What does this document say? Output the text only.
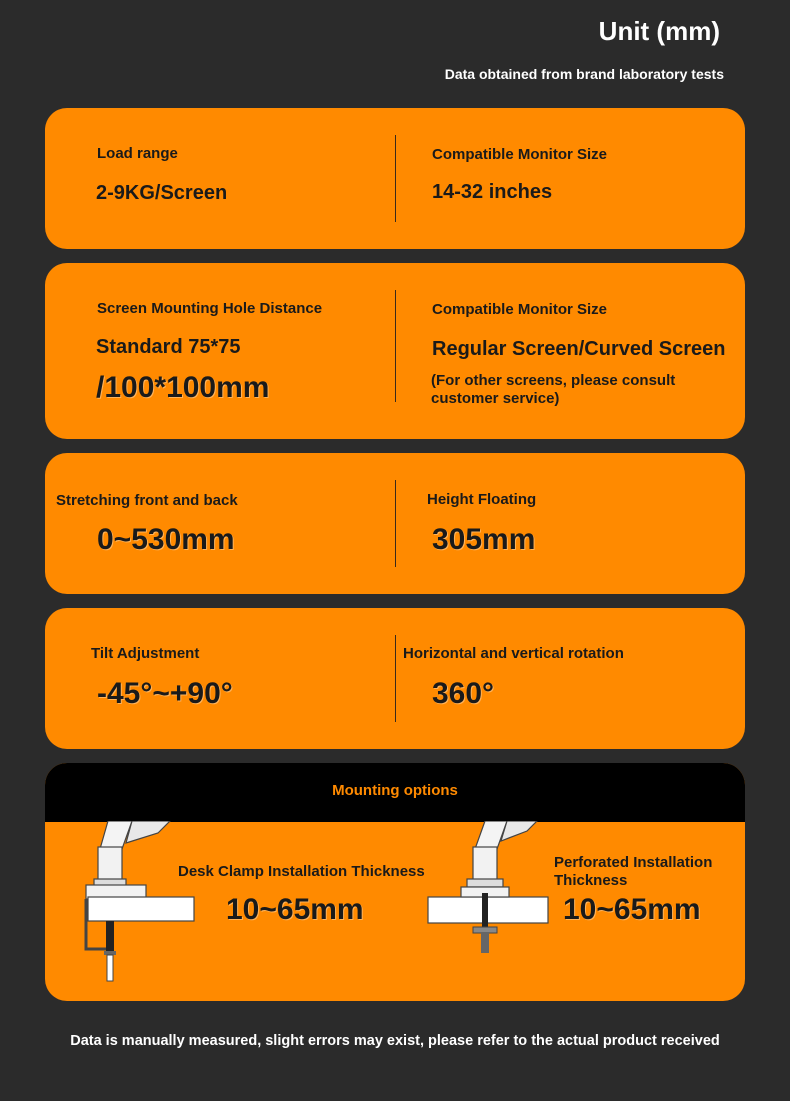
Unit (mm)
Data obtained from brand laboratory tests
Load range
2-9KG/Screen
Compatible Monitor Size
14-32 inches
Screen Mounting Hole Distance
Standard 75*75
/100*100mm
Compatible Monitor Size
Regular Screen/Curved Screen
(For other screens, please consult customer service)
Stretching front and back
0~530mm
Height Floating
305mm
Tilt Adjustment
-45°~+90°
Horizontal and vertical rotation
360°
Mounting options
Desk Clamp Installation Thickness
10~65mm
Perforated Installation Thickness
10~65mm
Data is manually measured, slight errors may exist, please refer to the actual product received
